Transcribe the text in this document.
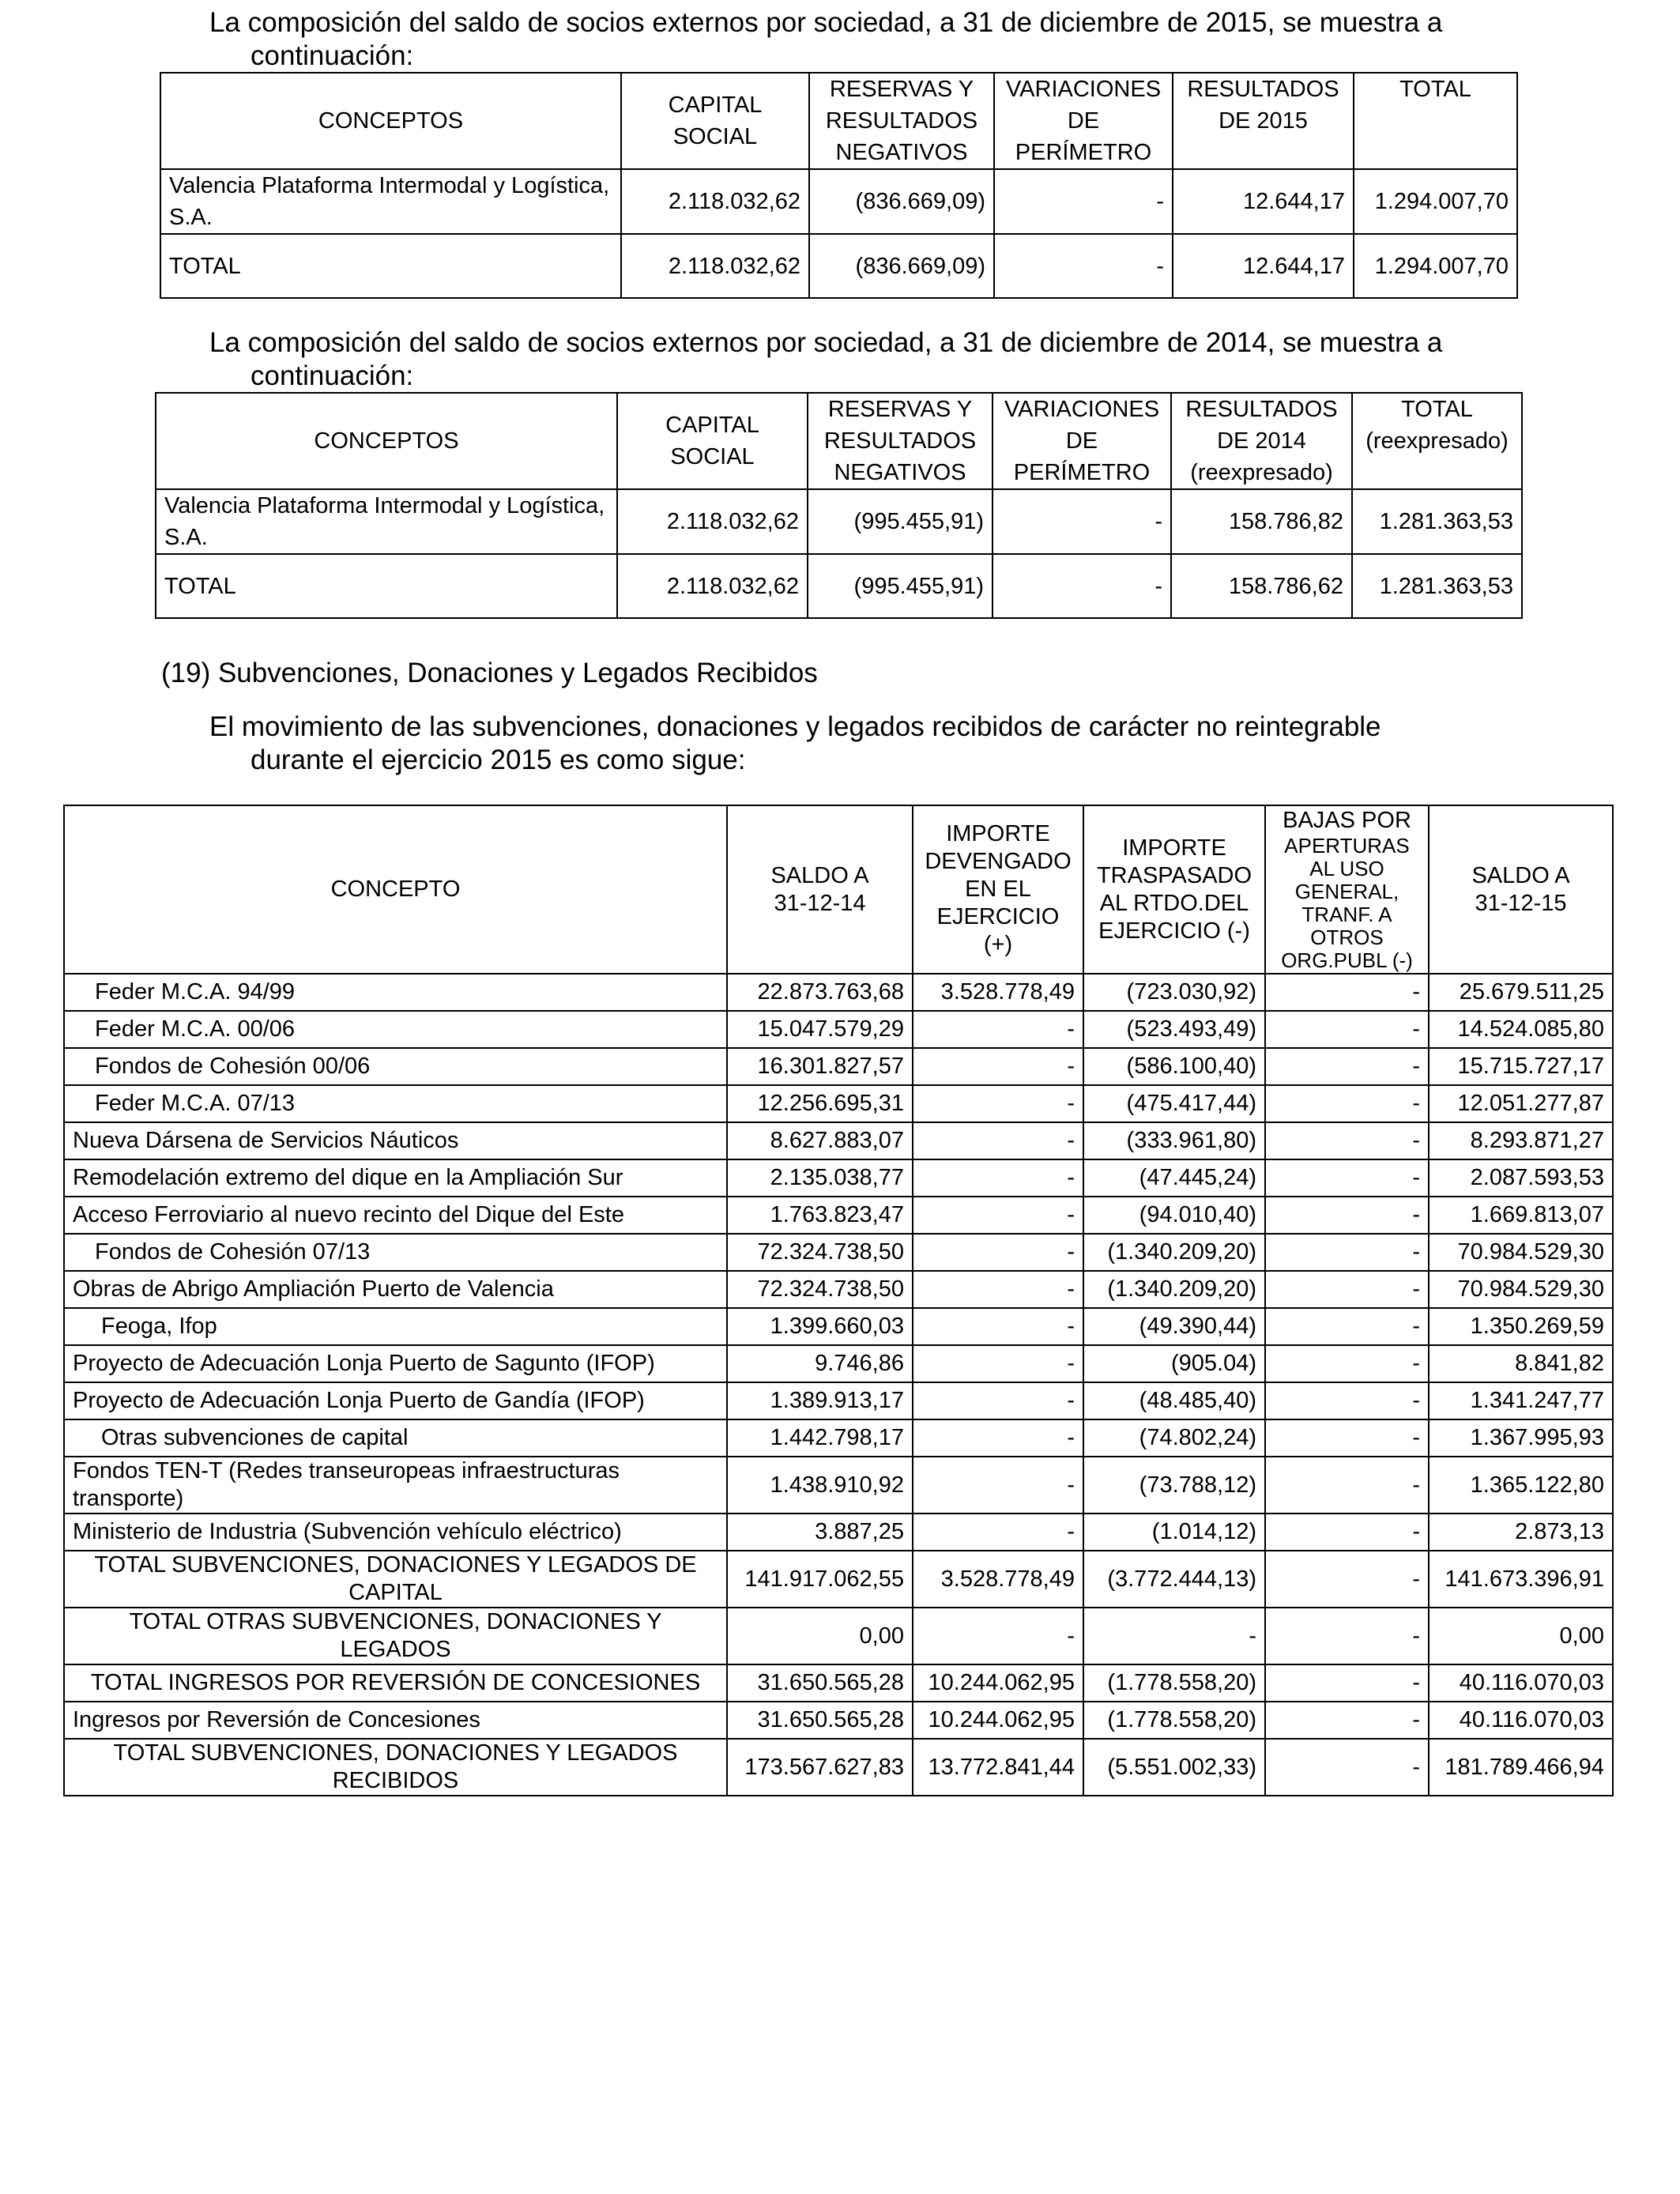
La composición del saldo de socios externos por sociedad, a 31 de diciembre de 2015, se muestra a
continuación:
CONCEPTOS	CAPITAL SOCIAL	RESERVAS Y RESULTADOS NEGATIVOS	VARIACIONES DE PERÍMETRO	RESULTADOS DE 2015	TOTAL
Valencia Plataforma Intermodal y Logística, S.A.	2.118.032,62	(836.669,09)	-	12.644,17	1.294.007,70
TOTAL	2.118.032,62	(836.669,09)	-	12.644,17	1.294.007,70
La composición del saldo de socios externos por sociedad, a 31 de diciembre de 2014, se muestra a
continuación:
CONCEPTOS	CAPITAL SOCIAL	RESERVAS Y RESULTADOS NEGATIVOS	VARIACIONES DE PERÍMETRO	RESULTADOS DE 2014 (reexpresado)	TOTAL (reexpresado)
Valencia Plataforma Intermodal y Logística, S.A.	2.118.032,62	(995.455,91)	-	158.786,82	1.281.363,53
TOTAL	2.118.032,62	(995.455,91)	-	158.786,62	1.281.363,53
(19) Subvenciones, Donaciones y Legados Recibidos
El movimiento de las subvenciones, donaciones y legados recibidos de carácter no reintegrable
durante el ejercicio 2015 es como sigue:
CONCEPTO	SALDO A 31-12-14	IMPORTE DEVENGADO EN EL EJERCICIO (+)	IMPORTE TRASPASADO AL RTDO.DEL EJERCICIO (-)	BAJAS POR
APERTURAS AL USO GENERAL, TRANF. A OTROS ORG.PUBL (-)	SALDO A 31-12-15
Feder M.C.A. 94/99	22.873.763,68	3.528.778,49	(723.030,92)	-	25.679.511,25
Feder M.C.A. 00/06	15.047.579,29	-	(523.493,49)	-	14.524.085,80
Fondos de Cohesión 00/06	16.301.827,57	-	(586.100,40)	-	15.715.727,17
Feder M.C.A. 07/13	12.256.695,31	-	(475.417,44)	-	12.051.277,87
Nueva Dársena de Servicios Náuticos	8.627.883,07	-	(333.961,80)	-	8.293.871,27
Remodelación extremo del dique en la Ampliación Sur	2.135.038,77	-	(47.445,24)	-	2.087.593,53
Acceso Ferroviario al nuevo recinto del Dique del Este	1.763.823,47	-	(94.010,40)	-	1.669.813,07
Fondos de Cohesión 07/13	72.324.738,50	-	(1.340.209,20)	-	70.984.529,30
Obras de Abrigo Ampliación Puerto de Valencia	72.324.738,50	-	(1.340.209,20)	-	70.984.529,30
Feoga, Ifop	1.399.660,03	-	(49.390,44)	-	1.350.269,59
Proyecto de Adecuación Lonja Puerto de Sagunto (IFOP)	9.746,86	-	(905.04)	-	8.841,82
Proyecto de Adecuación Lonja Puerto de Gandía (IFOP)	1.389.913,17	-	(48.485,40)	-	1.341.247,77
Otras subvenciones de capital	1.442.798,17	-	(74.802,24)	-	1.367.995,93
Fondos TEN-T (Redes transeuropeas infraestructuras transporte)	1.438.910,92	-	(73.788,12)	-	1.365.122,80
Ministerio de Industria (Subvención vehículo eléctrico)	3.887,25	-	(1.014,12)	-	2.873,13
TOTAL SUBVENCIONES, DONACIONES Y LEGADOS DE CAPITAL	141.917.062,55	3.528.778,49	(3.772.444,13)	-	141.673.396,91
TOTAL OTRAS SUBVENCIONES, DONACIONES Y LEGADOS	0,00	-	-	-	0,00
TOTAL INGRESOS POR REVERSIÓN DE CONCESIONES	31.650.565,28	10.244.062,95	(1.778.558,20)	-	40.116.070,03
Ingresos por Reversión de Concesiones	31.650.565,28	10.244.062,95	(1.778.558,20)	-	40.116.070,03
TOTAL SUBVENCIONES, DONACIONES Y LEGADOS RECIBIDOS	173.567.627,83	13.772.841,44	(5.551.002,33)	-	181.789.466,94
